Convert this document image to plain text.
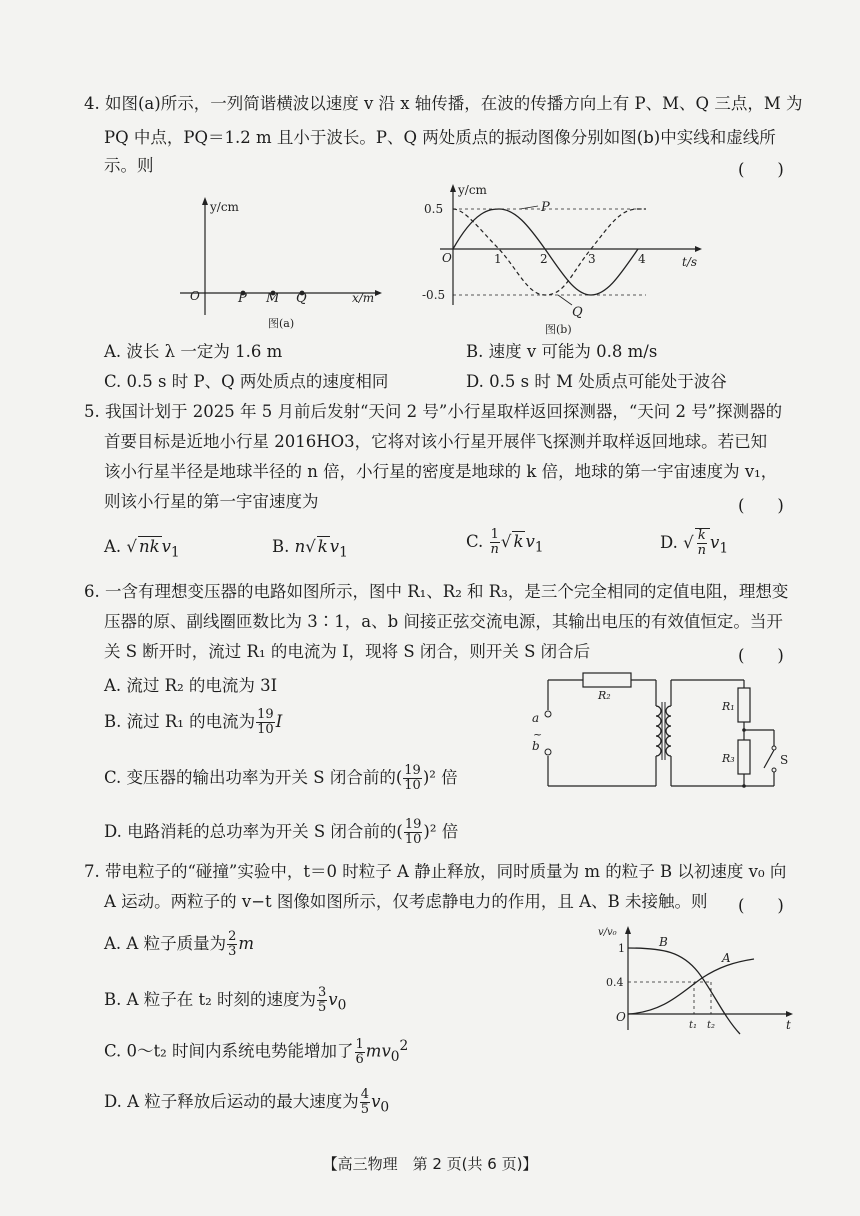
4. 如图(a)所示，一列简谐横波以速度 v 沿 x 轴传播，在波的传播方向上有 P、M、Q 三点，M 为
PQ 中点，PQ＝1.2 m 且小于波长。P、Q 两处质点的振动图像分别如图(b)中实线和虚线所
示。则	(　　)
y/cm
O	P M Q	x/m
图(a)
y/cm
O
0.5
-0.5
1	2	3	4	t/s
P
Q
图(b)
A. 波长 λ 一定为 1.6 m	B. 速度 v 可能为 0.8 m/s
C. 0.5 s 时 P、Q 两处质点的速度相同	D. 0.5 s 时 M 处质点可能处于波谷
5. 我国计划于 2025 年 5 月前后发射“天问 2 号”小行星取样返回探测器，“天问 2 号”探测器的
首要目标是近地小行星 2016HO3，它将对该小行星开展伴飞探测并取样返回地球。若已知
该小行星半径是地球半径的 n 倍，小行星的密度是地球的 k 倍，地球的第一宇宙速度为 v₁，
则该小行星的第一宇宙速度为	(　　)
A. √ nk $v_1$	B. n√ k $v_1$
C. $\frac{1}{n}$ √ k $v_1$	D. √ $\frac{k}{n} v_1$
6. 一含有理想变压器的电路如图所示，图中 R₁、R₂ 和 R₃，是三个完全相同的定值电阻，理想变
压器的原、副线圈匝数比为 3∶1，a、b 间接正弦交流电源，其输出电压的有效值恒定。当开
关 S 断开时，流过 R₁ 的电流为 I，现将 S 闭合，则开关 S 闭合后	(　　)
A. 流过 R₂ 的电流为 3I
B. 流过 R₁ 的电流为 $\frac{19}{10}$ I
C. 变压器的输出功率为开关 S 闭合前的( $\frac{19}{10} )^2$ 倍
D. 电路消耗的总功率为开关 S 闭合前的( $\frac{19}{10} )^2$ 倍
R₂
a
~
b
R₁
R₃	S
7. 带电粒子的“碰撞”实验中，t＝0 时粒子 A 静止释放，同时质量为 m 的粒子 B 以初速度 v₀ 向
A 运动。两粒子的 v−t 图像如图所示，仅考虑静电力的作用，且 A、B 未接触。则 (　　)
A. A 粒子质量为 $\frac{2}{3}$ m
B. A 粒子在 t₂ 时刻的速度为 $\frac{3}{5} v_0$
C. 0～t₂ 时间内系统电势能增加了 $\frac{1}{6} mv_0^2$
D. A 粒子释放后运动的最大速度为 $\frac{4}{5} v_0$
v/v₀
t
O
1
0.4
B
A
t₁ t₂
【高三物理　第 2 页(共 6 页)】
